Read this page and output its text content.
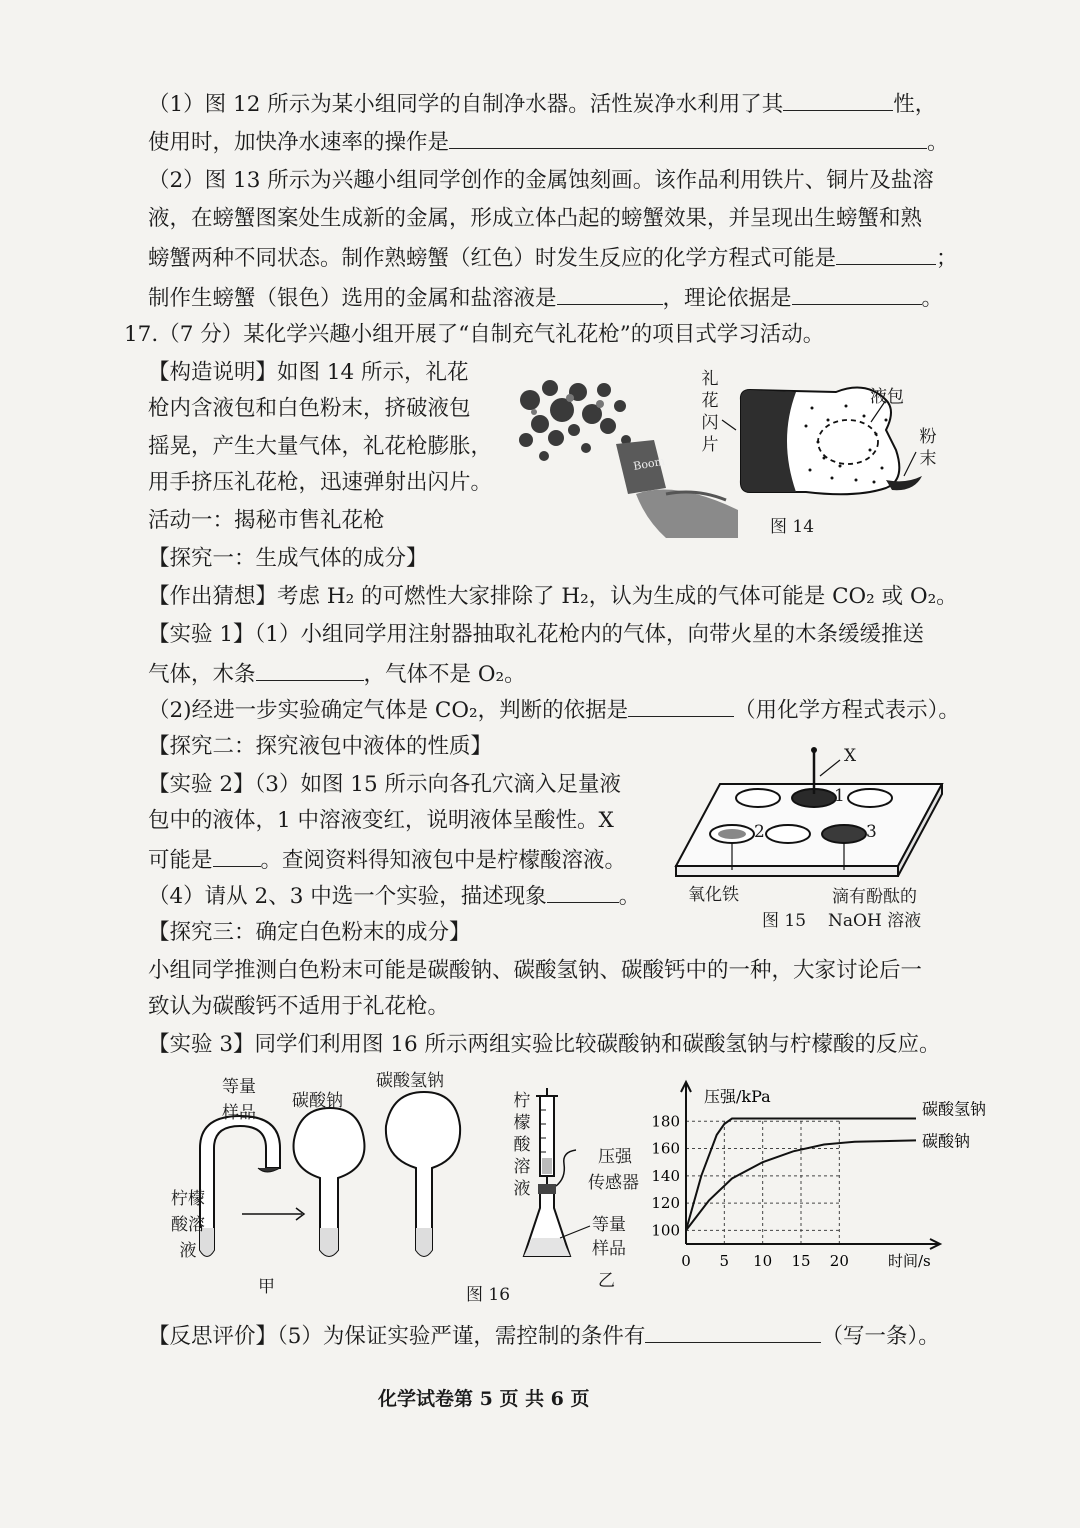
（1）图 12 所示为某小组同学的自制净水器。活性炭净水利用了其	性，
使用时，加快净水速率的操作是	。
（2）图 13 所示为兴趣小组同学创作的金属蚀刻画。该作品利用铁片、铜片及盐溶
液，在螃蟹图案处生成新的金属，形成立体凸起的螃蟹效果，并呈现出生螃蟹和熟
螃蟹两种不同状态。制作熟螃蟹（红色）时发生反应的化学方程式可能是	；
制作生螃蟹（银色）选用的金属和盐溶液是	，理论依据是	。
17.（7 分）某化学兴趣小组开展了“自制充气礼花枪”的项目式学习活动。
【构造说明】如图 14 所示，礼花
枪内含液包和白色粉末，挤破液包
摇晃，产生大量气体，礼花枪膨胀，
用手挤压礼花枪，迅速弹射出闪片。
活动一：揭秘市售礼花枪
Boom
礼
花
闪
片
液包
粉
末
图 14
【探究一：生成气体的成分】
【作出猜想】考虑 H₂ 的可燃性大家排除了 H₂，认为生成的气体可能是 CO₂ 或 O₂。
【实验 1】（1）小组同学用注射器抽取礼花枪内的气体，向带火星的木条缓缓推送
气体，木条	，气体不是 O₂。
（2)经进一步实验确定气体是 CO₂，判断的依据是	（用化学方程式表示）。
【探究二：探究液包中液体的性质】
【实验 2】（3）如图 15 所示向各孔穴滴入足量液
包中的液体，1 中溶液变红，说明液体呈酸性。X
可能是 。查阅资料得知液包中是柠檬酸溶液。
（4）请从 2、3 中选一个实验，描述现象	。
X
1
2	3
氧化铁	滴有酚酞的
NaOH 溶液
图 15
【探究三：确定白色粉末的成分】
小组同学推测白色粉末可能是碳酸钠、碳酸氢钠、碳酸钙中的一种，大家讨论后一
致认为碳酸钙不适用于礼花枪。
【实验 3】同学们利用图 16 所示两组实验比较碳酸钠和碳酸氢钠与柠檬酸的反应。
等量
样品
碳酸钠
碳酸氢钠
柠檬酸溶液
甲
柠檬酸溶液
压强
传感器
等量
样品
乙
0 5 10 15 20
100
120
140
160
180
碳酸氢钠
碳酸钠
压强/kPa
时间/s
图 16
【反思评价】（5）为保证实验严谨，需控制的条件有	（写一条）。
化学试卷第 5 页 共 6 页
